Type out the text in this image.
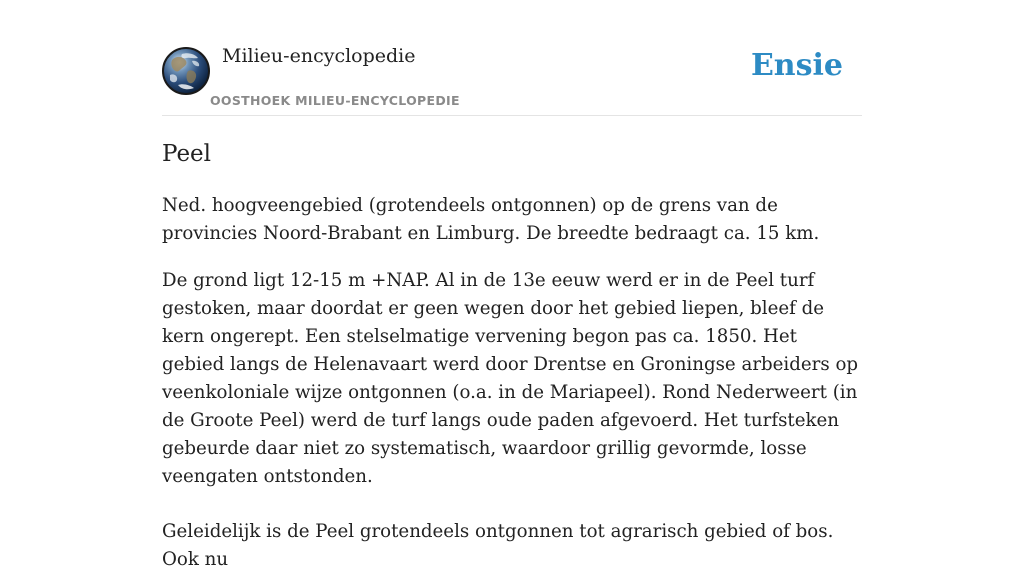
Milieu-encyclopedie
OOSTHOEK MILIEU-ENCYCLOPEDIE
Ensie
Peel

Ned. hoogveengebied (grotendeels ontgonnen) op de grens van de provincies Noord-Brabant en Limburg. De breedte bedraagt ca. 15 km.

De grond ligt 12-15 m +NAP. Al in de 13e eeuw werd er in de Peel turf gestoken, maar doordat er geen wegen door het gebied liepen, bleef de kern ongerept. Een stelselmatige vervening begon pas ca. 1850. Het gebied langs de Helenavaart werd door Drentse en Groningse arbeiders op veenkoloniale wijze ontgonnen (o.a. in de Mariapeel). Rond Nederweert (in de Groote Peel) werd de turf langs oude paden afgevoerd. Het turfsteken gebeurde daar niet zo systematisch, waardoor grillig gevormde, losse veengaten ontstonden.

Geleidelijk is de Peel grotendeels ontgonnen tot agrarisch gebied of bos. Ook nu
